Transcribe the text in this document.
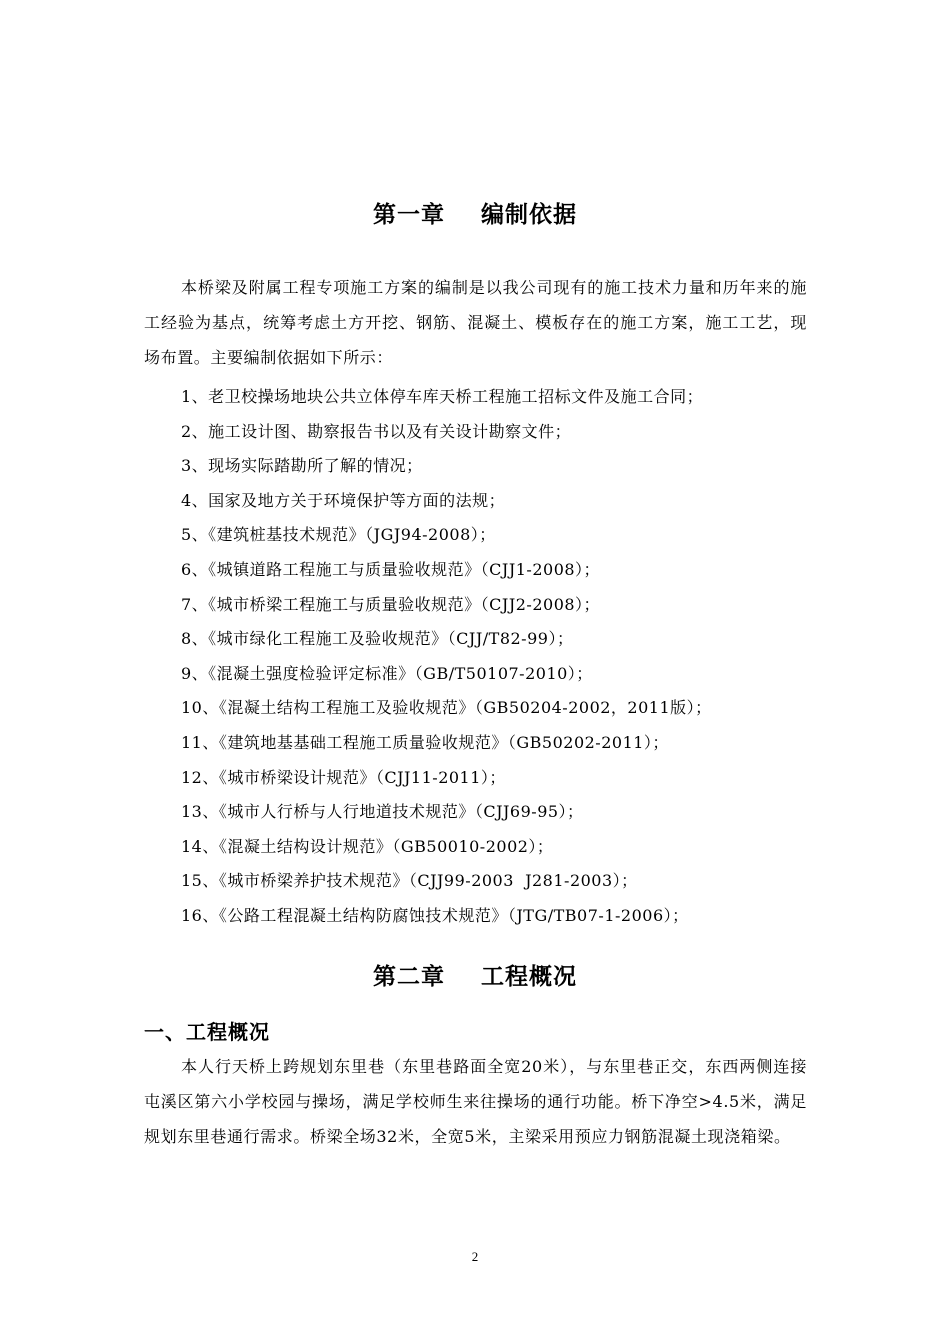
第一章    编制依据

本桥梁及附属工程专项施工方案的编制是以我公司现有的施工技术力量和历年来的施工经验为基点，统筹考虑土方开挖、钢筋、混凝土、模板存在的施工方案，施工工艺，现场布置。主要编制依据如下所示：

1、老卫校操场地块公共立体停车库天桥工程施工招标文件及施工合同；
2、施工设计图、勘察报告书以及有关设计勘察文件；
3、现场实际踏勘所了解的情况；
4、国家及地方关于环境保护等方面的法规；
5、《建筑桩基技术规范》（JGJ94-2008）；
6、《城镇道路工程施工与质量验收规范》（CJJ1-2008）；
7、《城市桥梁工程施工与质量验收规范》（CJJ2-2008）；
8、《城市绿化工程施工及验收规范》（CJJ/T82-99）；
9、《混凝土强度检验评定标准》（GB/T50107-2010）；
10、《混凝土结构工程施工及验收规范》（GB50204-2002，2011版）；
11、《建筑地基基础工程施工质量验收规范》（GB50202-2011）；
12、《城市桥梁设计规范》（CJJ11-2011）；
13、《城市人行桥与人行地道技术规范》（CJJ69-95）；
14、《混凝土结构设计规范》（GB50010-2002）；
15、《城市桥梁养护技术规范》（CJJ99-2003  J281-2003）；
16、《公路工程混凝土结构防腐蚀技术规范》（JTG/TB07-1-2006）；
第二章    工程概况
一、工程概况

本人行天桥上跨规划东里巷（东里巷路面全宽20米），与东里巷正交，东西两侧连接屯溪区第六小学校园与操场，满足学校师生来往操场的通行功能。桥下净空>4.5米，满足规划东里巷通行需求。桥梁全场32米，全宽5米，主梁采用预应力钢筋混凝土现浇箱梁。

2
